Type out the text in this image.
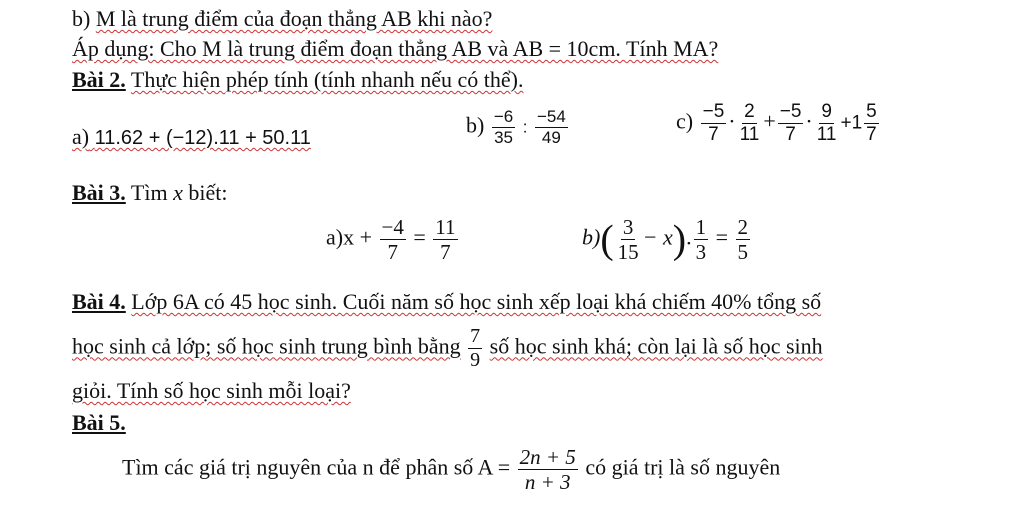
b) M là trung điểm của đoạn thẳng AB khi nào?
Áp dụng: Cho M là trung điểm đoạn thẳng AB và AB = 10cm. Tính MA?
Bài 2. Thực hiện phép tính (tính nhanh nếu có thể).
a) 11.62 + (−12).11 + 50.11
$b) \frac{-6}{35}$ : $\frac{-54}{49}$	$c) \frac{-5}{7} \cdot \frac{2}{11} + \frac{-5}{7} \cdot \frac{9}{11} +1 \frac{5}{7}$
Bài 3. Tìm x biết:
$a)x + \frac{-4}{7} = \frac{11}{7}$	$b)( \frac{3}{15} - x)$. $\frac{1}{3} = \frac{2}{5}$
Bài 4. Lớp 6A có 45 học sinh. Cuối năm số học sinh xếp loại khá chiếm 40% tổng số
học sinh cả lớp; số học sinh trung bình bằng $\frac{7}{9}$ số học sinh khá; còn lại là số học sinh
giỏi. Tính số học sinh mỗi loại?
Bài 5.
Tìm các giá trị nguyên của n để phân số $A = \frac{2n + 5}{n + 3}$ có giá trị là số nguyên
